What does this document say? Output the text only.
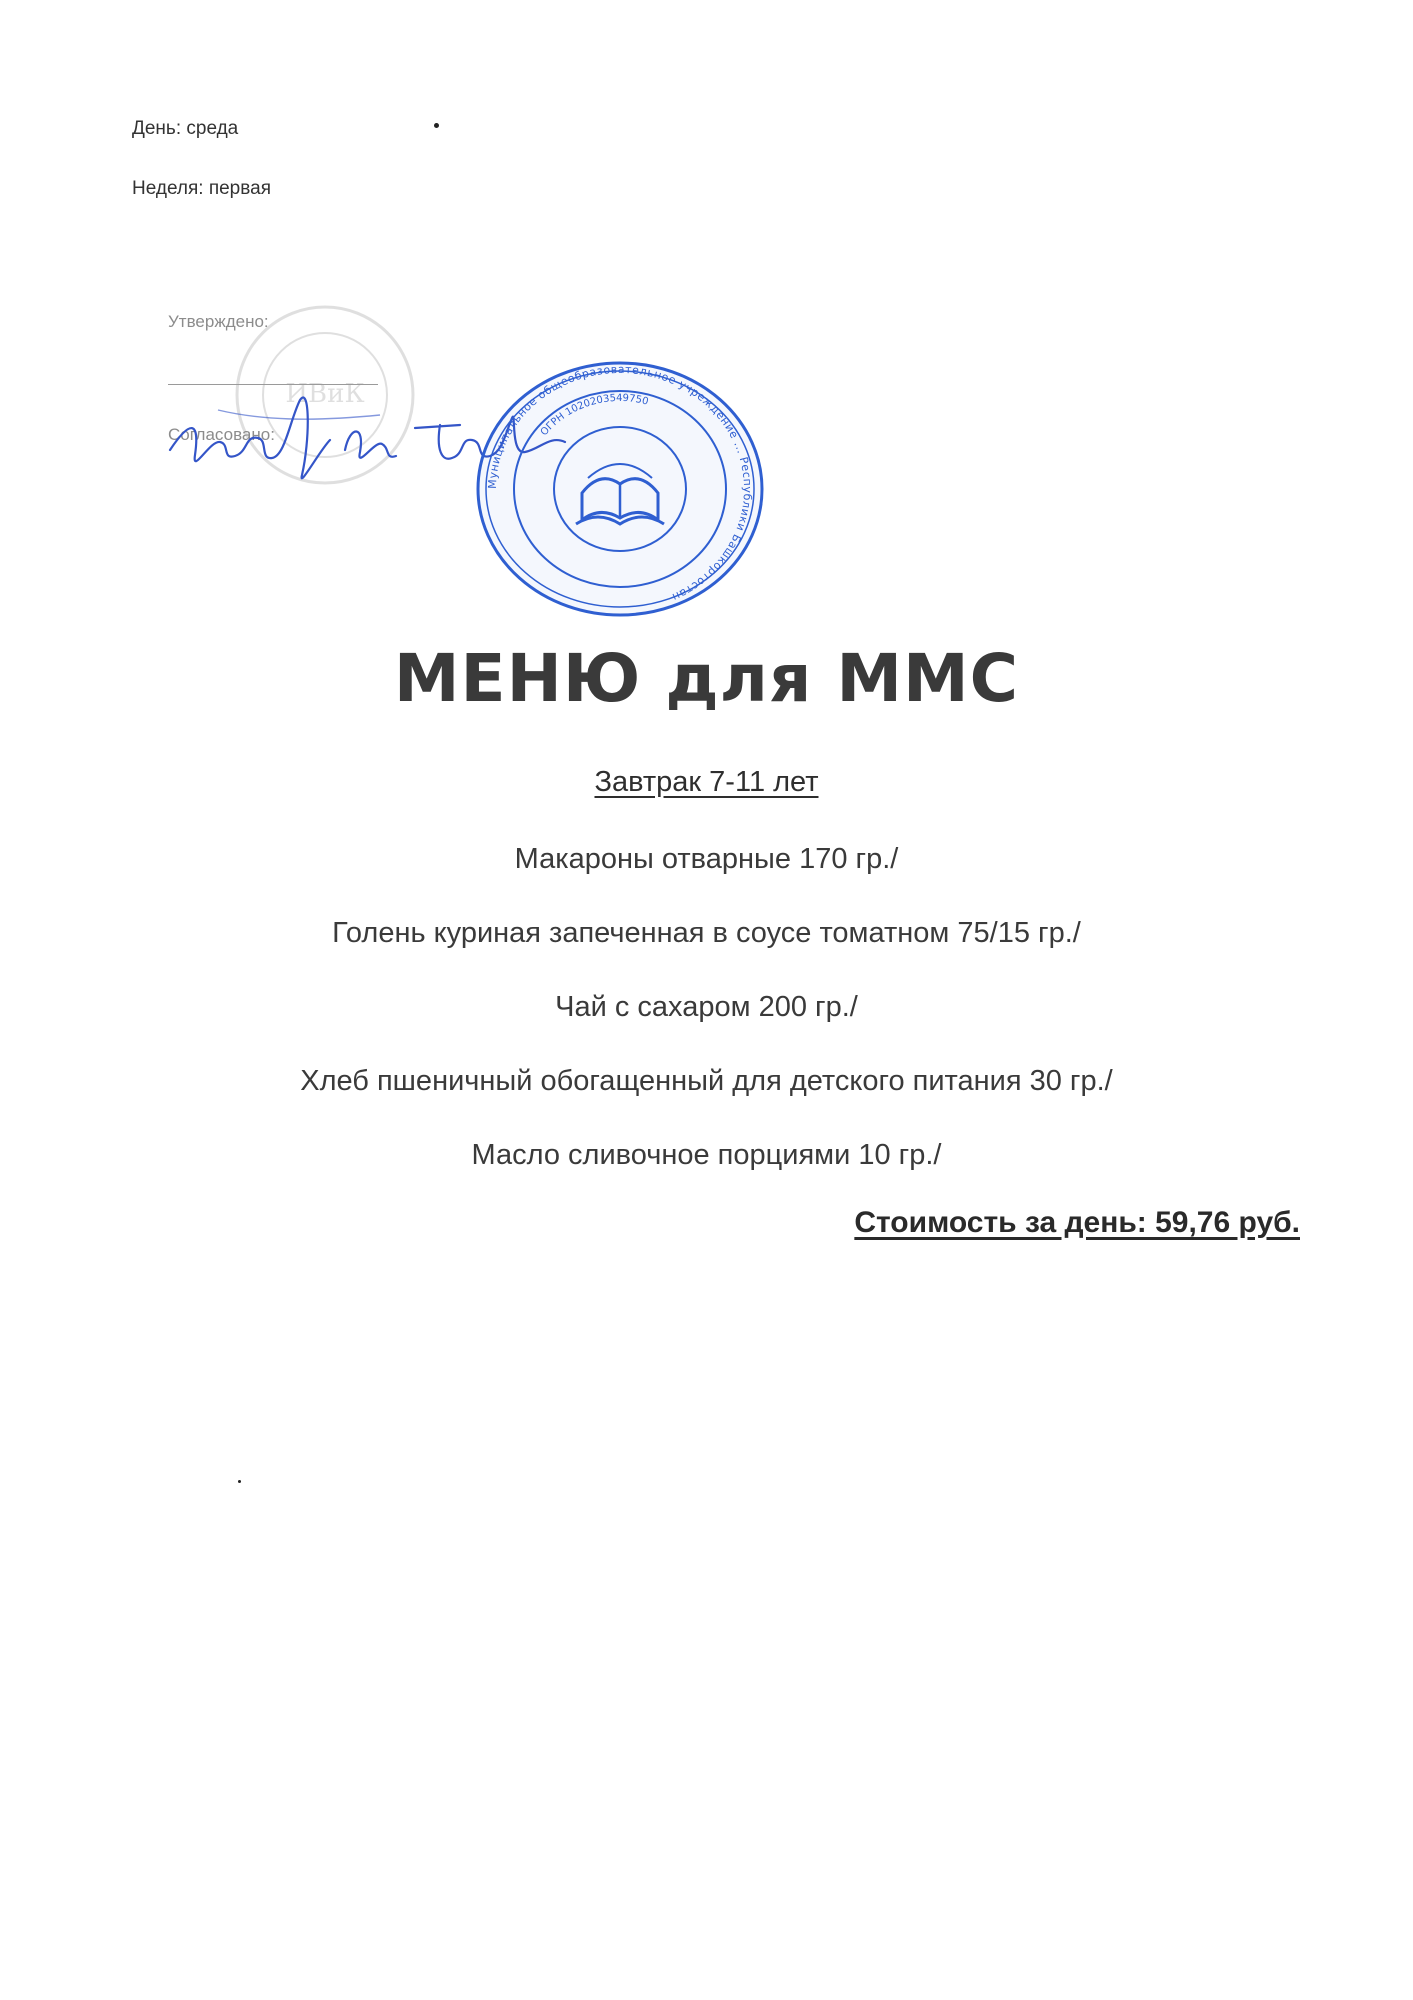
День: среда
Неделя: первая
ИВиК
Утверждено:
Согласовано:
Муниципальное общеобразовательное учреждение ... Республики Башкортостан
ОГРН 1020203549750
МЕНЮ для ММС
Завтрак 7-11 лет
Макароны отварные 170 гр./
Голень куриная запеченная в соусе томатном 75/15 гр./
Чай с сахаром 200 гр./
Хлеб пшеничный обогащенный для детского питания 30 гр./
Масло сливочное порциями 10 гр./
Стоимость за день: 59,76 руб.
